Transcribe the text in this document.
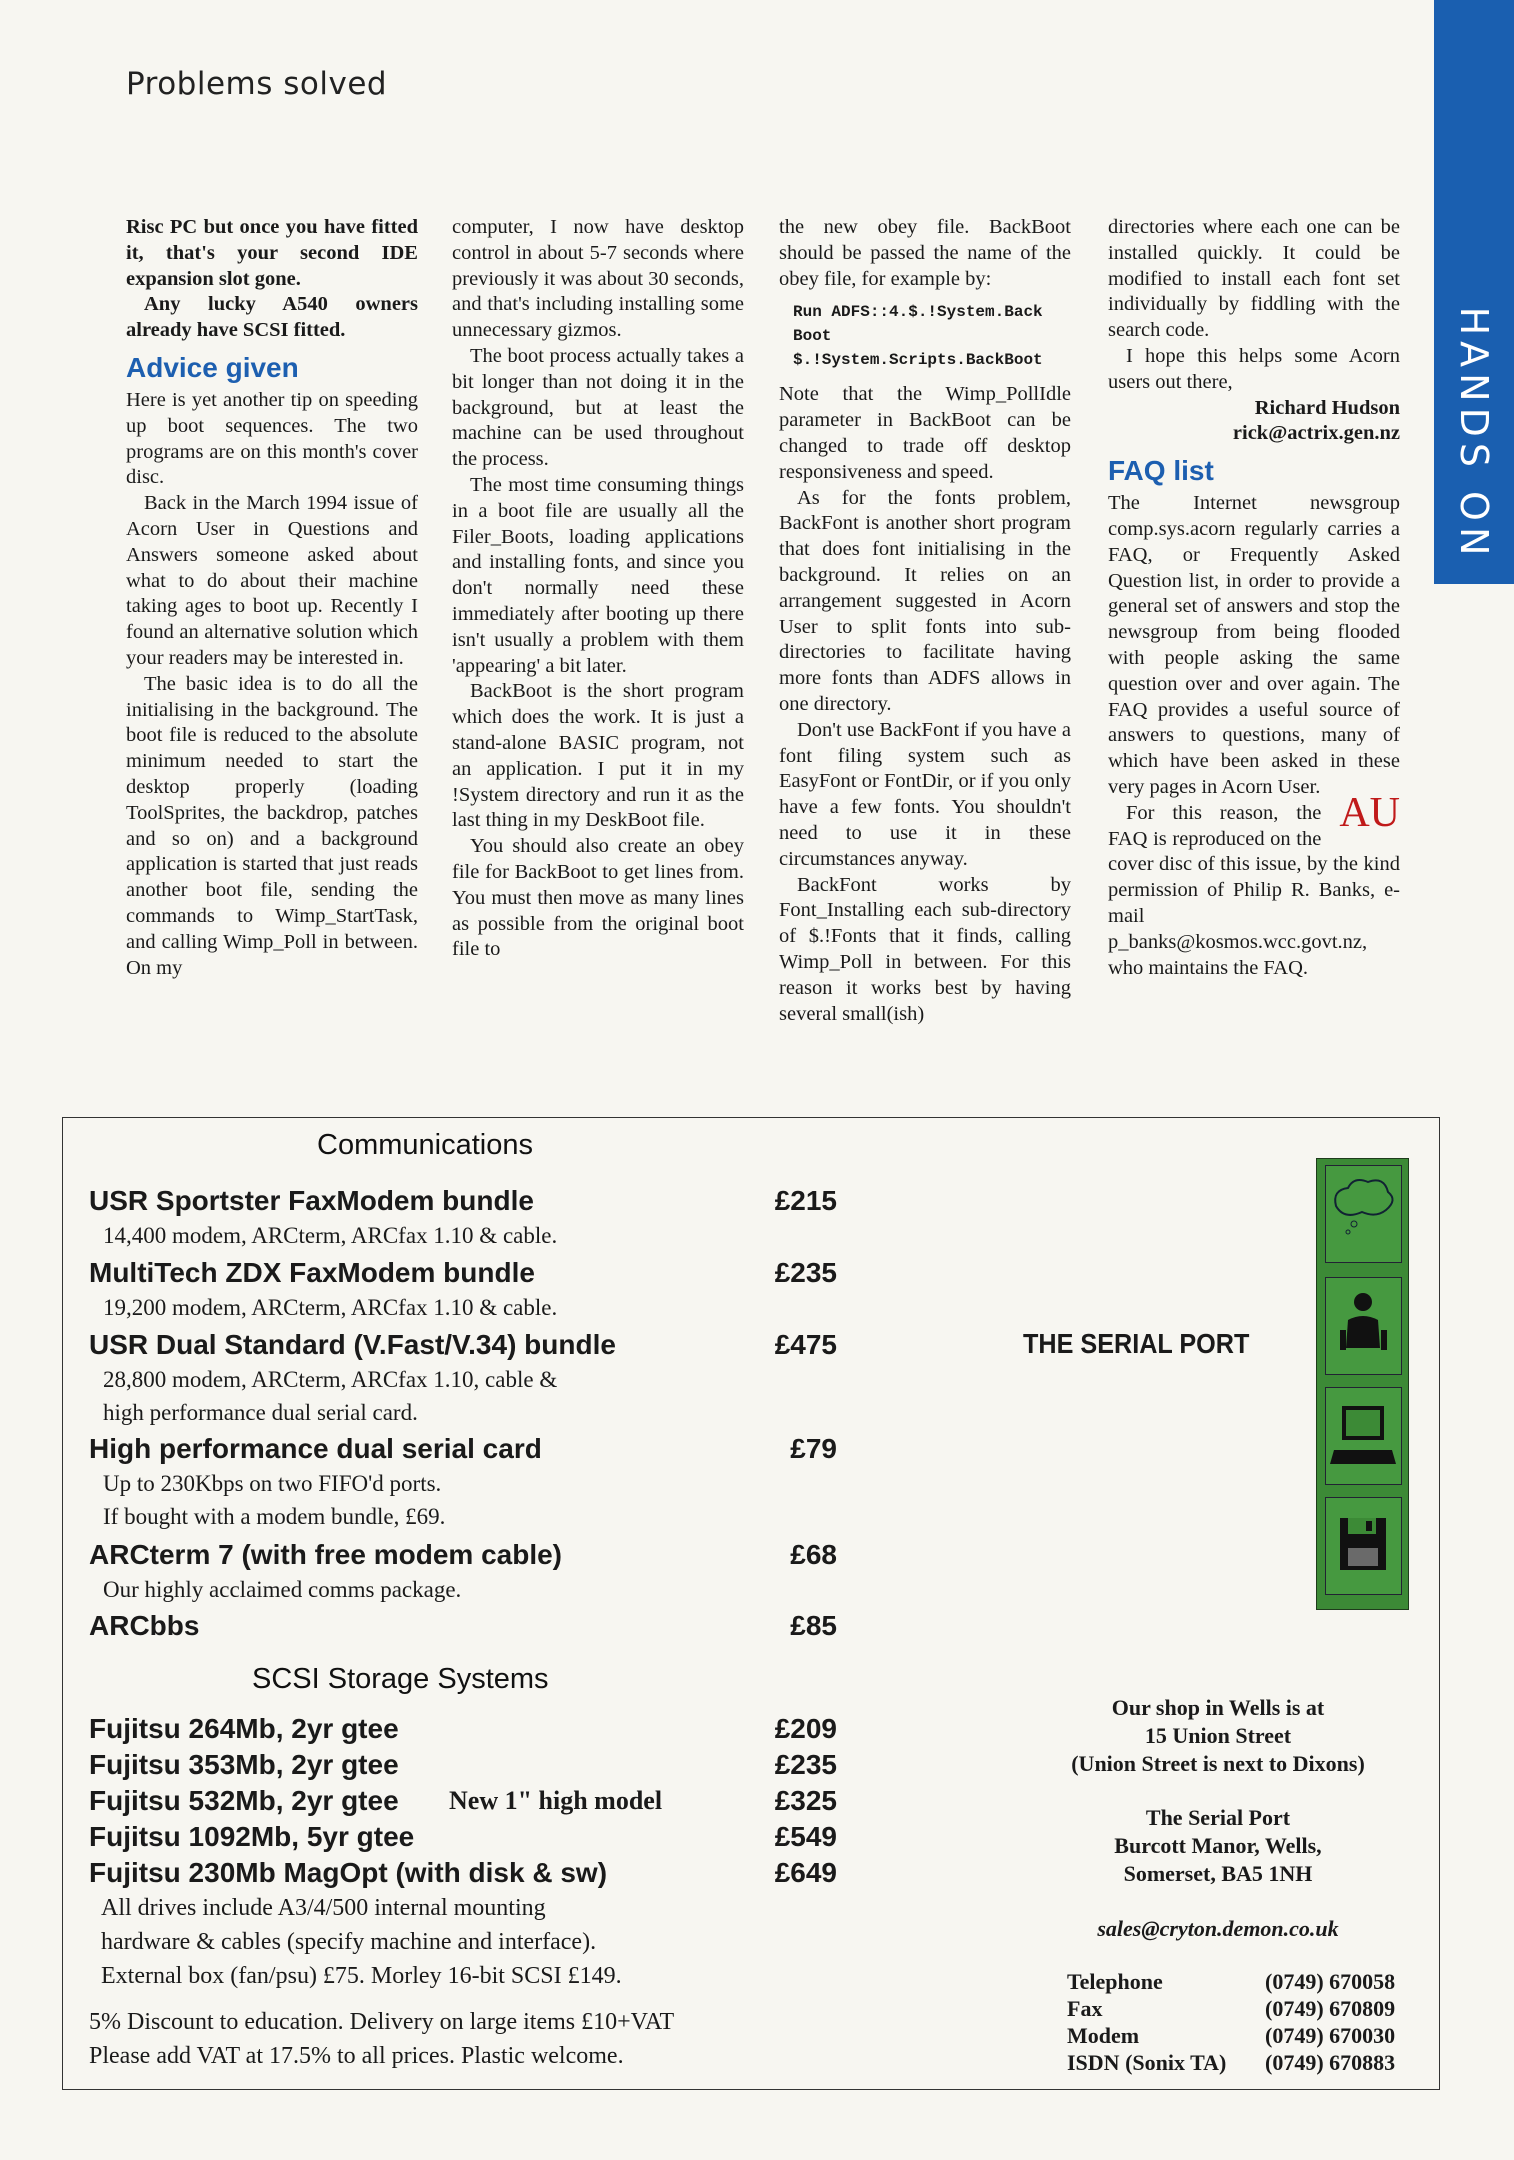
Problems solved
HANDS ON

Risc PC but once you have fitted it, that's your second IDE expansion slot gone.

Any lucky A540 owners already have SCSI fitted.

Advice given

Here is yet another tip on speeding up boot sequences. The two programs are on this month's cover disc.

Back in the March 1994 issue of Acorn User in Questions and Answers someone asked about what to do about their machine taking ages to boot up. Recently I found an alternative solution which your readers may be interested in.

The basic idea is to do all the initialising in the background. The boot file is reduced to the absolute minimum needed to start the desktop properly (loading ToolSprites, the backdrop, patches and so on) and a background application is started that just reads another boot file, sending the commands to Wimp_StartTask, and calling Wimp_Poll in between. On my

computer, I now have desktop control in about 5-7 seconds where previously it was about 30 seconds, and that's including installing some unnecessary gizmos.

The boot process actually takes a bit longer than not doing it in the background, but at least the machine can be used throughout the process.

The most time consuming things in a boot file are usually all the Filer_Boots, loading applications and installing fonts, and since you don't normally need these immediately after booting up there isn't usually a problem with them 'appearing' a bit later.

BackBoot is the short program which does the work. It is just a stand-alone BASIC program, not an application. I put it in my !System directory and run it as the last thing in my DeskBoot file.

You should also create an obey file for BackBoot to get lines from. You must then move as many lines as possible from the original boot file to

the new obey file. BackBoot should be passed the name of the obey file, for example by:

Run ADFS::4.$.!System.Back Boot $.!System.Scripts.BackBoot

Note that the Wimp_PollIdle parameter in BackBoot can be changed to trade off desktop responsiveness and speed.

As for the fonts problem, BackFont is another short program that does font initialising in the background. It relies on an arrangement suggested in Acorn User to split fonts into sub-directories to facilitate having more fonts than ADFS allows in one directory.

Don't use BackFont if you have a font filing system such as EasyFont or FontDir, or if you only have a few fonts. You shouldn't need to use it in these circumstances anyway.

BackFont works by Font_Installing each sub-directory of $.!Fonts that it finds, calling Wimp_Poll in between. For this reason it works best by having several small(ish)

directories where each one can be installed quickly. It could be modified to install each font set individually by fiddling with the search code.

I hope this helps some Acorn users out there,

Richard Hudson

rick@actrix.gen.nz

FAQ list

The Internet newsgroup comp.sys.acorn regularly carries a FAQ, or Frequently Asked Question list, in order to provide a general set of answers and stop the newsgroup from being flooded with people asking the same question over and over again. The FAQ provides a useful source of answers to questions, many of which have been asked in these very pages in Acorn User.

AU
For this reason, the FAQ is reproduced on the cover disc of this issue, by the kind permission of Philip R. Banks, e-mail p_banks@kosmos.wcc.govt.nz, who maintains the FAQ.

Communications
USR Sportster FaxModem bundle	£215
14,400 modem, ARCterm, ARCfax 1.10 & cable.
MultiTech ZDX FaxModem bundle	£235
19,200 modem, ARCterm, ARCfax 1.10 & cable.
USR Dual Standard (V.Fast/V.34) bundle	£475
28,800 modem, ARCterm, ARCfax 1.10, cable &
high performance dual serial card.
High performance dual serial card	£79
Up to 230Kbps on two FIFO'd ports.
If bought with a modem bundle, £69.
ARCterm 7 (with free modem cable)	£68
Our highly acclaimed comms package.
ARCbbs	£85
SCSI Storage Systems
Fujitsu 264Mb, 2yr gtee	£209
Fujitsu 353Mb, 2yr gtee	£235
Fujitsu 532Mb, 2yr gtee	New 1" high model	£325
Fujitsu 1092Mb, 5yr gtee	£549
Fujitsu 230Mb MagOpt (with disk & sw)	£649
All drives include A3/4/500 internal mounting
hardware & cables (specify machine and interface).
External box (fan/psu) £75. Morley 16-bit SCSI £149.
5% Discount to education. Delivery on large items £10+VAT
Please add VAT at 17.5% to all prices. Plastic welcome.
THE SERIAL PORT
Our shop in Wells is at
15 Union Street
(Union Street is next to Dixons)
The Serial Port
Burcott Manor, Wells,
Somerset, BA5 1NH
sales@cryton.demon.co.uk
Telephone	(0749) 670058
Fax	(0749) 670809
Modem	(0749) 670030
ISDN (Sonix TA) (0749) 670883
